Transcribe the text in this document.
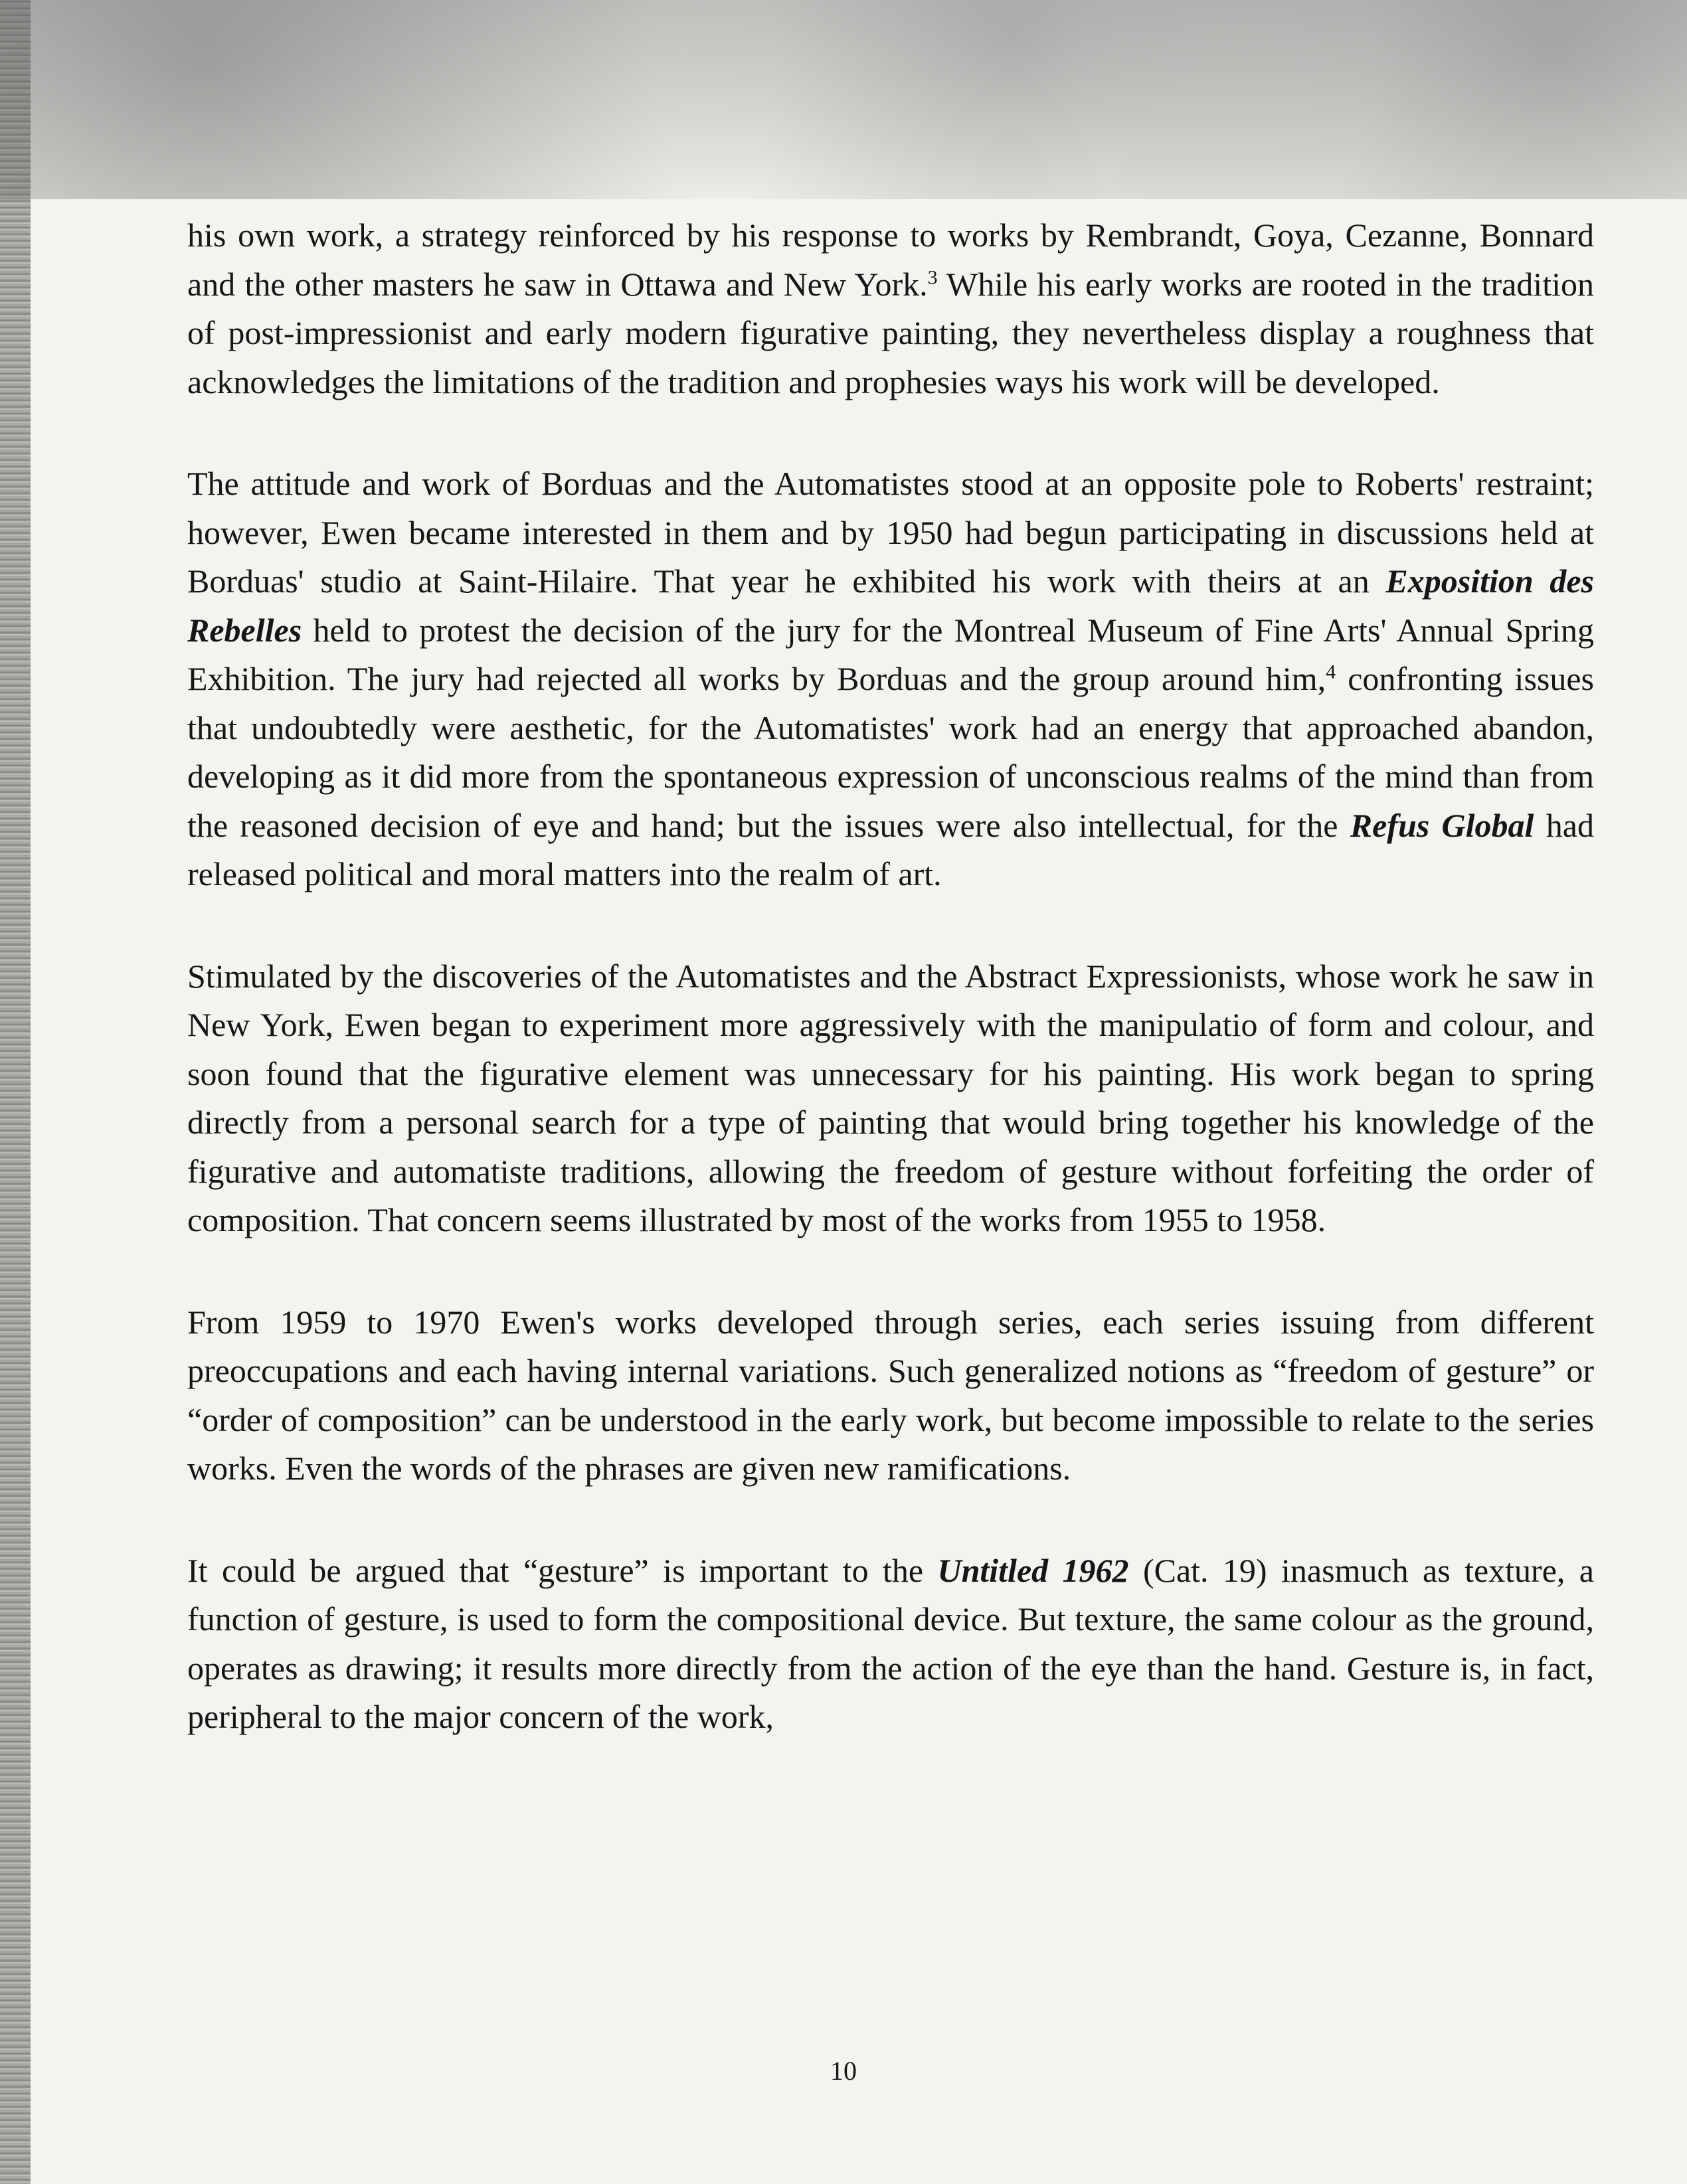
his own work, a strategy reinforced by his response to works by Rembrandt, Goya, Cezanne, Bonnard and the other masters he saw in Ottawa and New York.$^3$ While his early works are rooted in the tradition of post-impressionist and early modern figurative painting, they nevertheless display a roughness that acknowledges the limitations of the tradition and prophesies ways his work will be developed.

The attitude and work of Borduas and the Automatistes stood at an opposite pole to Roberts' restraint; however, Ewen became interested in them and by 1950 had begun participating in discussions held at Borduas' studio at Saint-Hilaire. That year he exhibited his work with theirs at an Exposition des Rebelles held to protest the decision of the jury for the Montreal Museum of Fine Arts' Annual Spring Exhibition. The jury had rejected all works by Borduas and the group around him,$^4$ confronting issues that undoubtedly were aesthetic, for the Automatistes' work had an energy that approached abandon, developing as it did more from the spontaneous expression of unconscious realms of the mind than from the reasoned decision of eye and hand; but the issues were also intellectual, for the Refus Global had released political and moral matters into the realm of art.

Stimulated by the discoveries of the Automatistes and the Abstract Expressionists, whose work he saw in New York, Ewen began to experiment more aggressively with the manipulatio of form and colour, and soon found that the figurative element was unnecessary for his painting. His work began to spring directly from a personal search for a type of painting that would bring together his knowledge of the figurative and automatiste traditions, allowing the freedom of gesture without forfeiting the order of composition. That concern seems illustrated by most of the works from 1955 to 1958.

From 1959 to 1970 Ewen's works developed through series, each series issuing from different preoccupations and each having internal variations. Such generalized notions as “freedom of gesture” or “order of composition” can be understood in the early work, but become impossible to relate to the series works. Even the words of the phrases are given new ramifications.

It could be argued that “gesture” is important to the Untitled 1962 (Cat. 19) inasmuch as texture, a function of gesture, is used to form the compositional device. But texture, the same colour as the ground, operates as drawing; it results more directly from the action of the eye than the hand. Gesture is, in fact, peripheral to the major concern of the work,

10
